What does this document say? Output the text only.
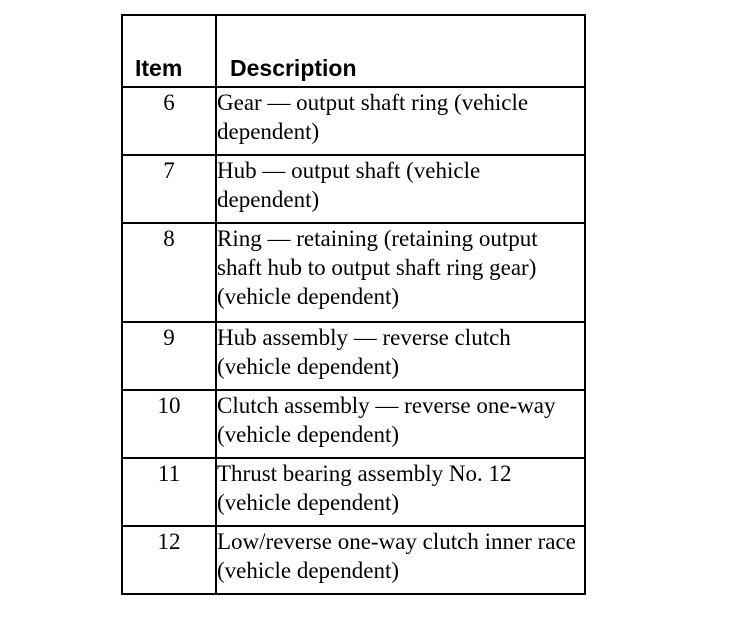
Item	Description
6	Gear — output shaft ring (vehicle dependent)
7	Hub — output shaft (vehicle dependent)
8	Ring — retaining (retaining output shaft hub to output shaft ring gear) (vehicle dependent)
9	Hub assembly — reverse clutch (vehicle dependent)
10	Clutch assembly — reverse one-way (vehicle dependent)
11	Thrust bearing assembly No. 12 (vehicle dependent)
12	Low/reverse one-way clutch inner race (vehicle dependent)
